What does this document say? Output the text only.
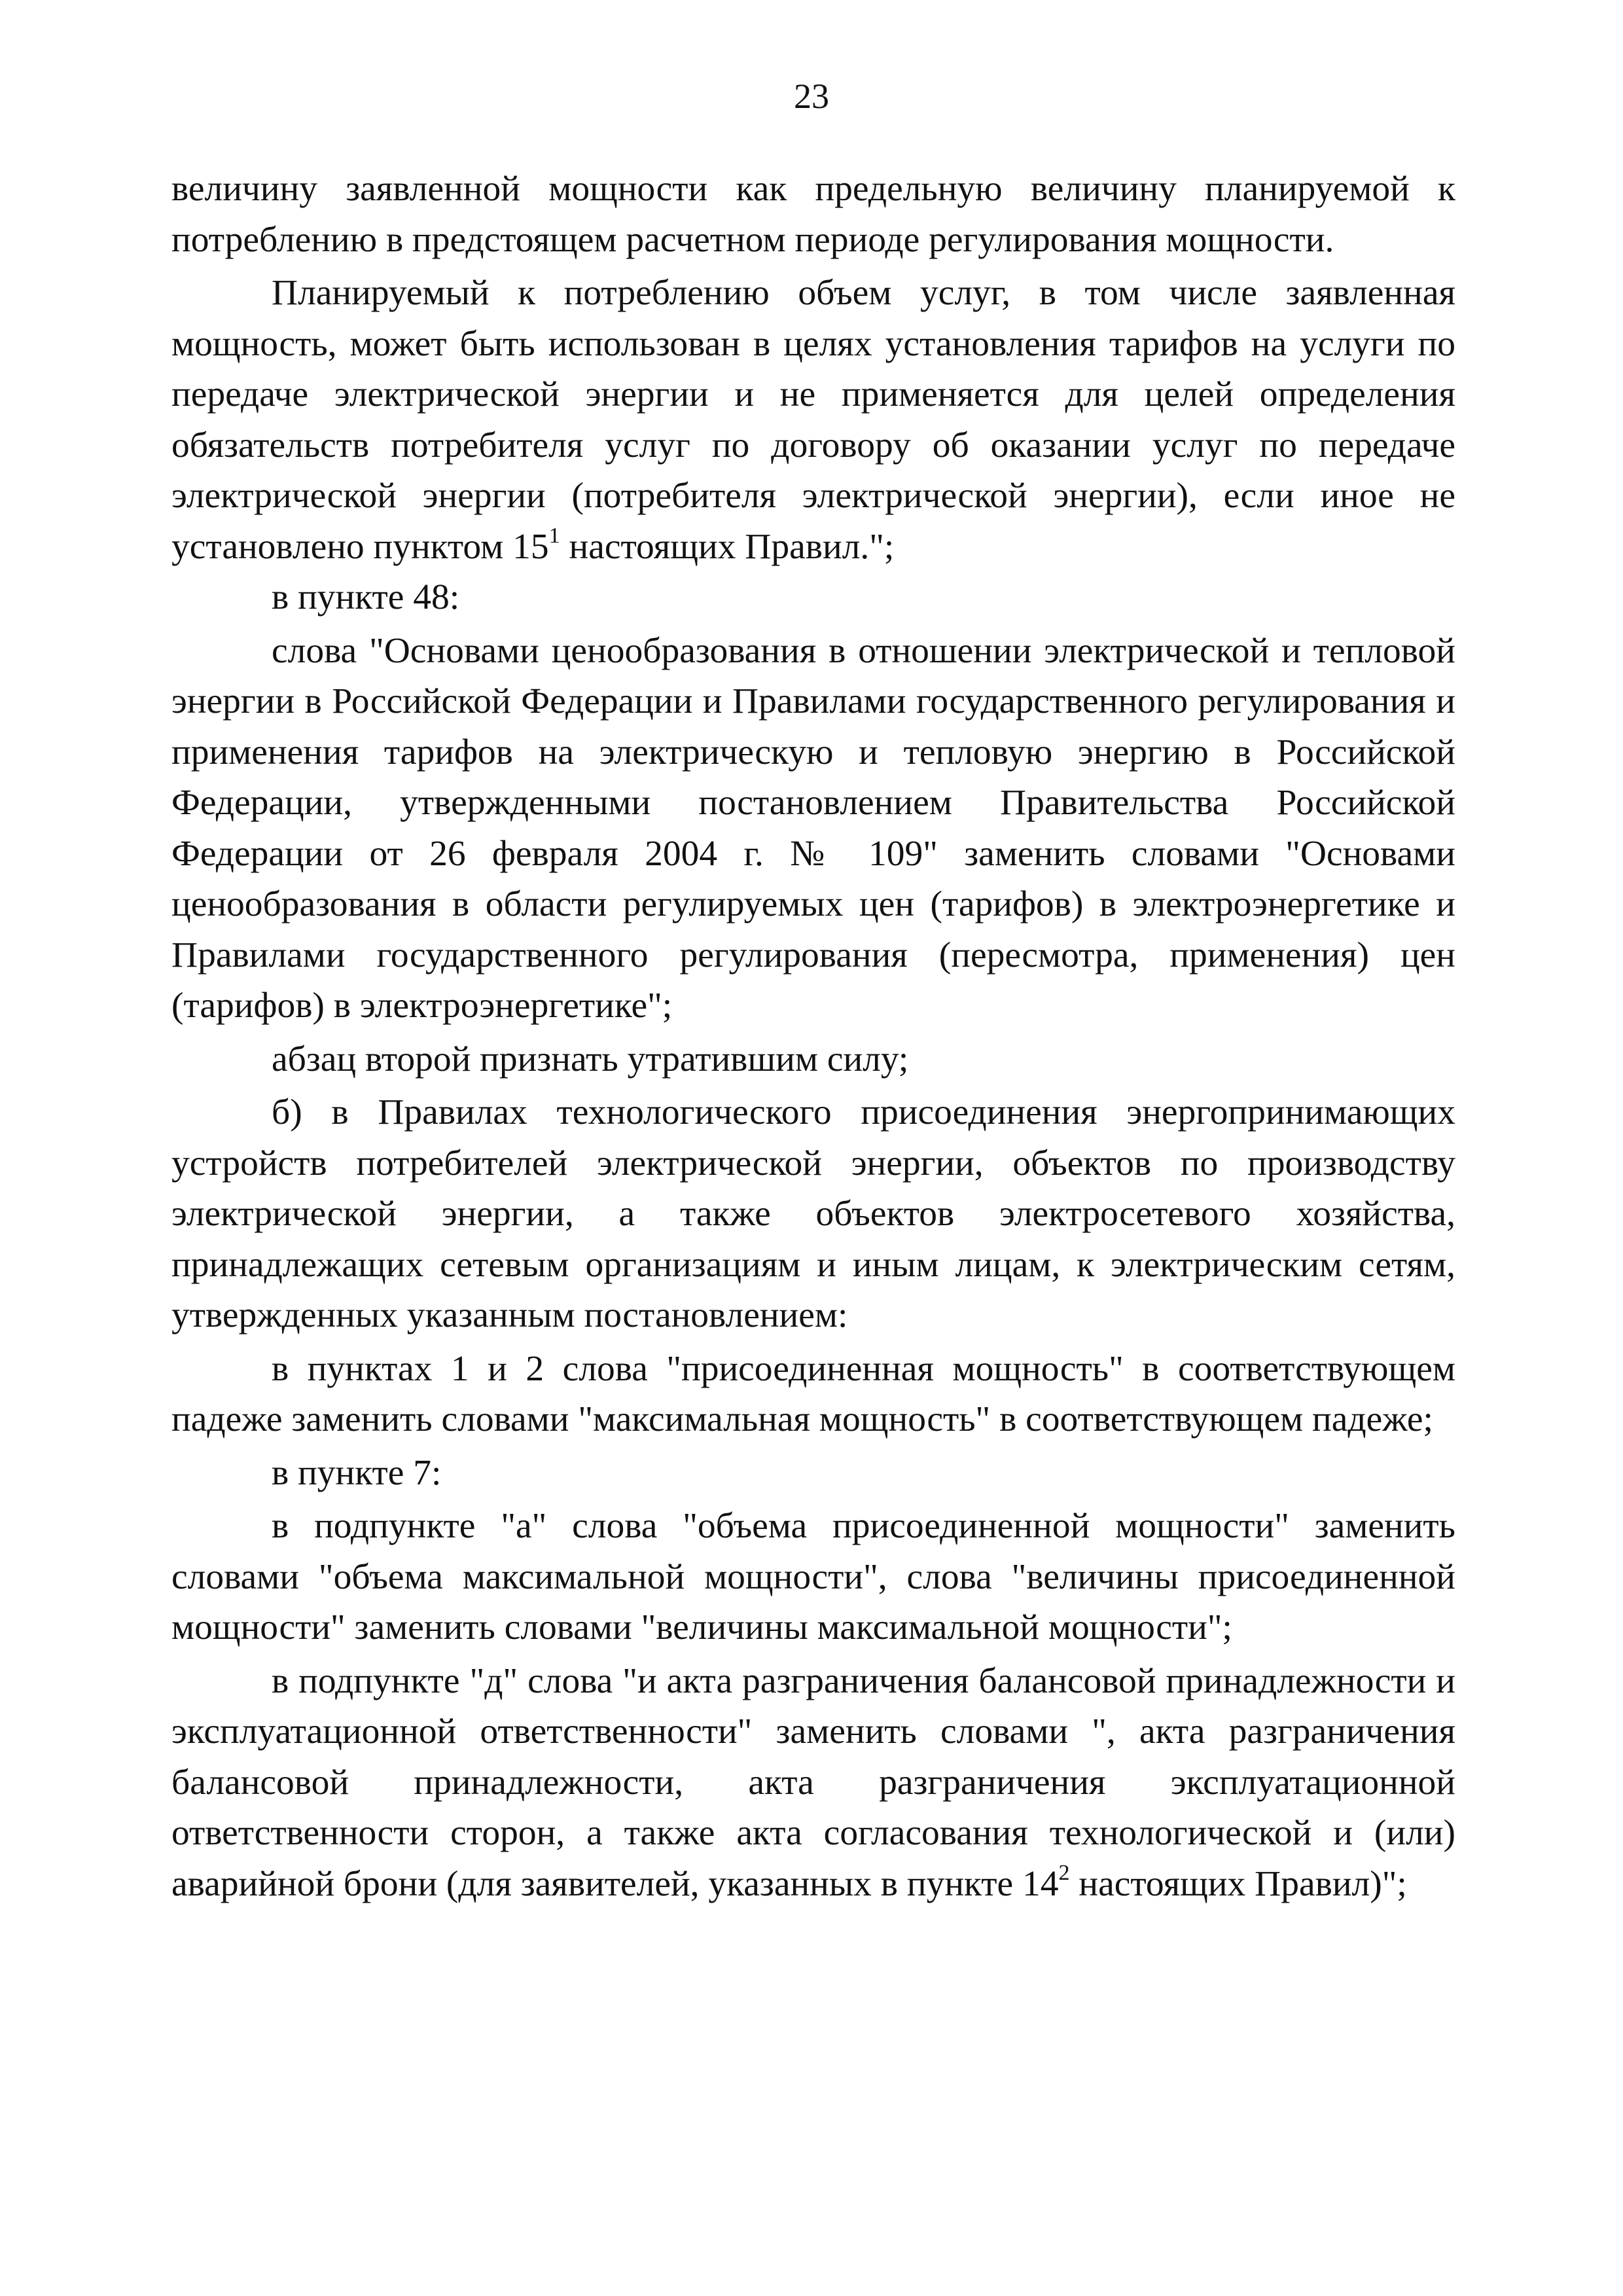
23

величину заявленной мощности как предельную величину планируемой к потреблению в предстоящем расчетном периоде регулирования мощности.

Планируемый к потреблению объем услуг, в том числе заявленная мощность, может быть использован в целях установления тарифов на услуги по передаче электрической энергии и не применяется для целей определения обязательств потребителя услуг по договору об оказании услуг по передаче электрической энергии (потребителя электрической энергии), если иное не установлено пунктом $15^1$ настоящих Правил.";

в пункте 48:

слова "Основами ценообразования в отношении электрической и тепловой энергии в Российской Федерации и Правилами государственного регулирования и применения тарифов на электрическую и тепловую энергию в Российской Федерации, утвержденными постановлением Правительства Российской Федерации от 26 февраля 2004 г. № 109" заменить словами "Основами ценообразования в области регулируемых цен (тарифов) в электроэнергетике и Правилами государственного регулирования (пересмотра, применения) цен (тарифов) в электроэнергетике";

абзац второй признать утратившим силу;

б) в Правилах технологического присоединения энергопринимающих устройств потребителей электрической энергии, объектов по производству электрической энергии, а также объектов электросетевого хозяйства, принадлежащих сетевым организациям и иным лицам, к электрическим сетям, утвержденных указанным постановлением:

в пунктах 1 и 2 слова "присоединенная мощность" в соответствующем падеже заменить словами "максимальная мощность" в соответствующем падеже;

в пункте 7:

в подпункте "а" слова "объема присоединенной мощности" заменить словами "объема максимальной мощности", слова "величины присоединенной мощности" заменить словами "величины максимальной мощности";

в подпункте "д" слова "и акта разграничения балансовой принадлежности и эксплуатационной ответственности" заменить словами ", акта разграничения балансовой принадлежности, акта разграничения эксплуатационной ответственности сторон, а также акта согласования технологической и (или) аварийной брони (для заявителей, указанных в пункте $14^2$ настоящих Правил)";
